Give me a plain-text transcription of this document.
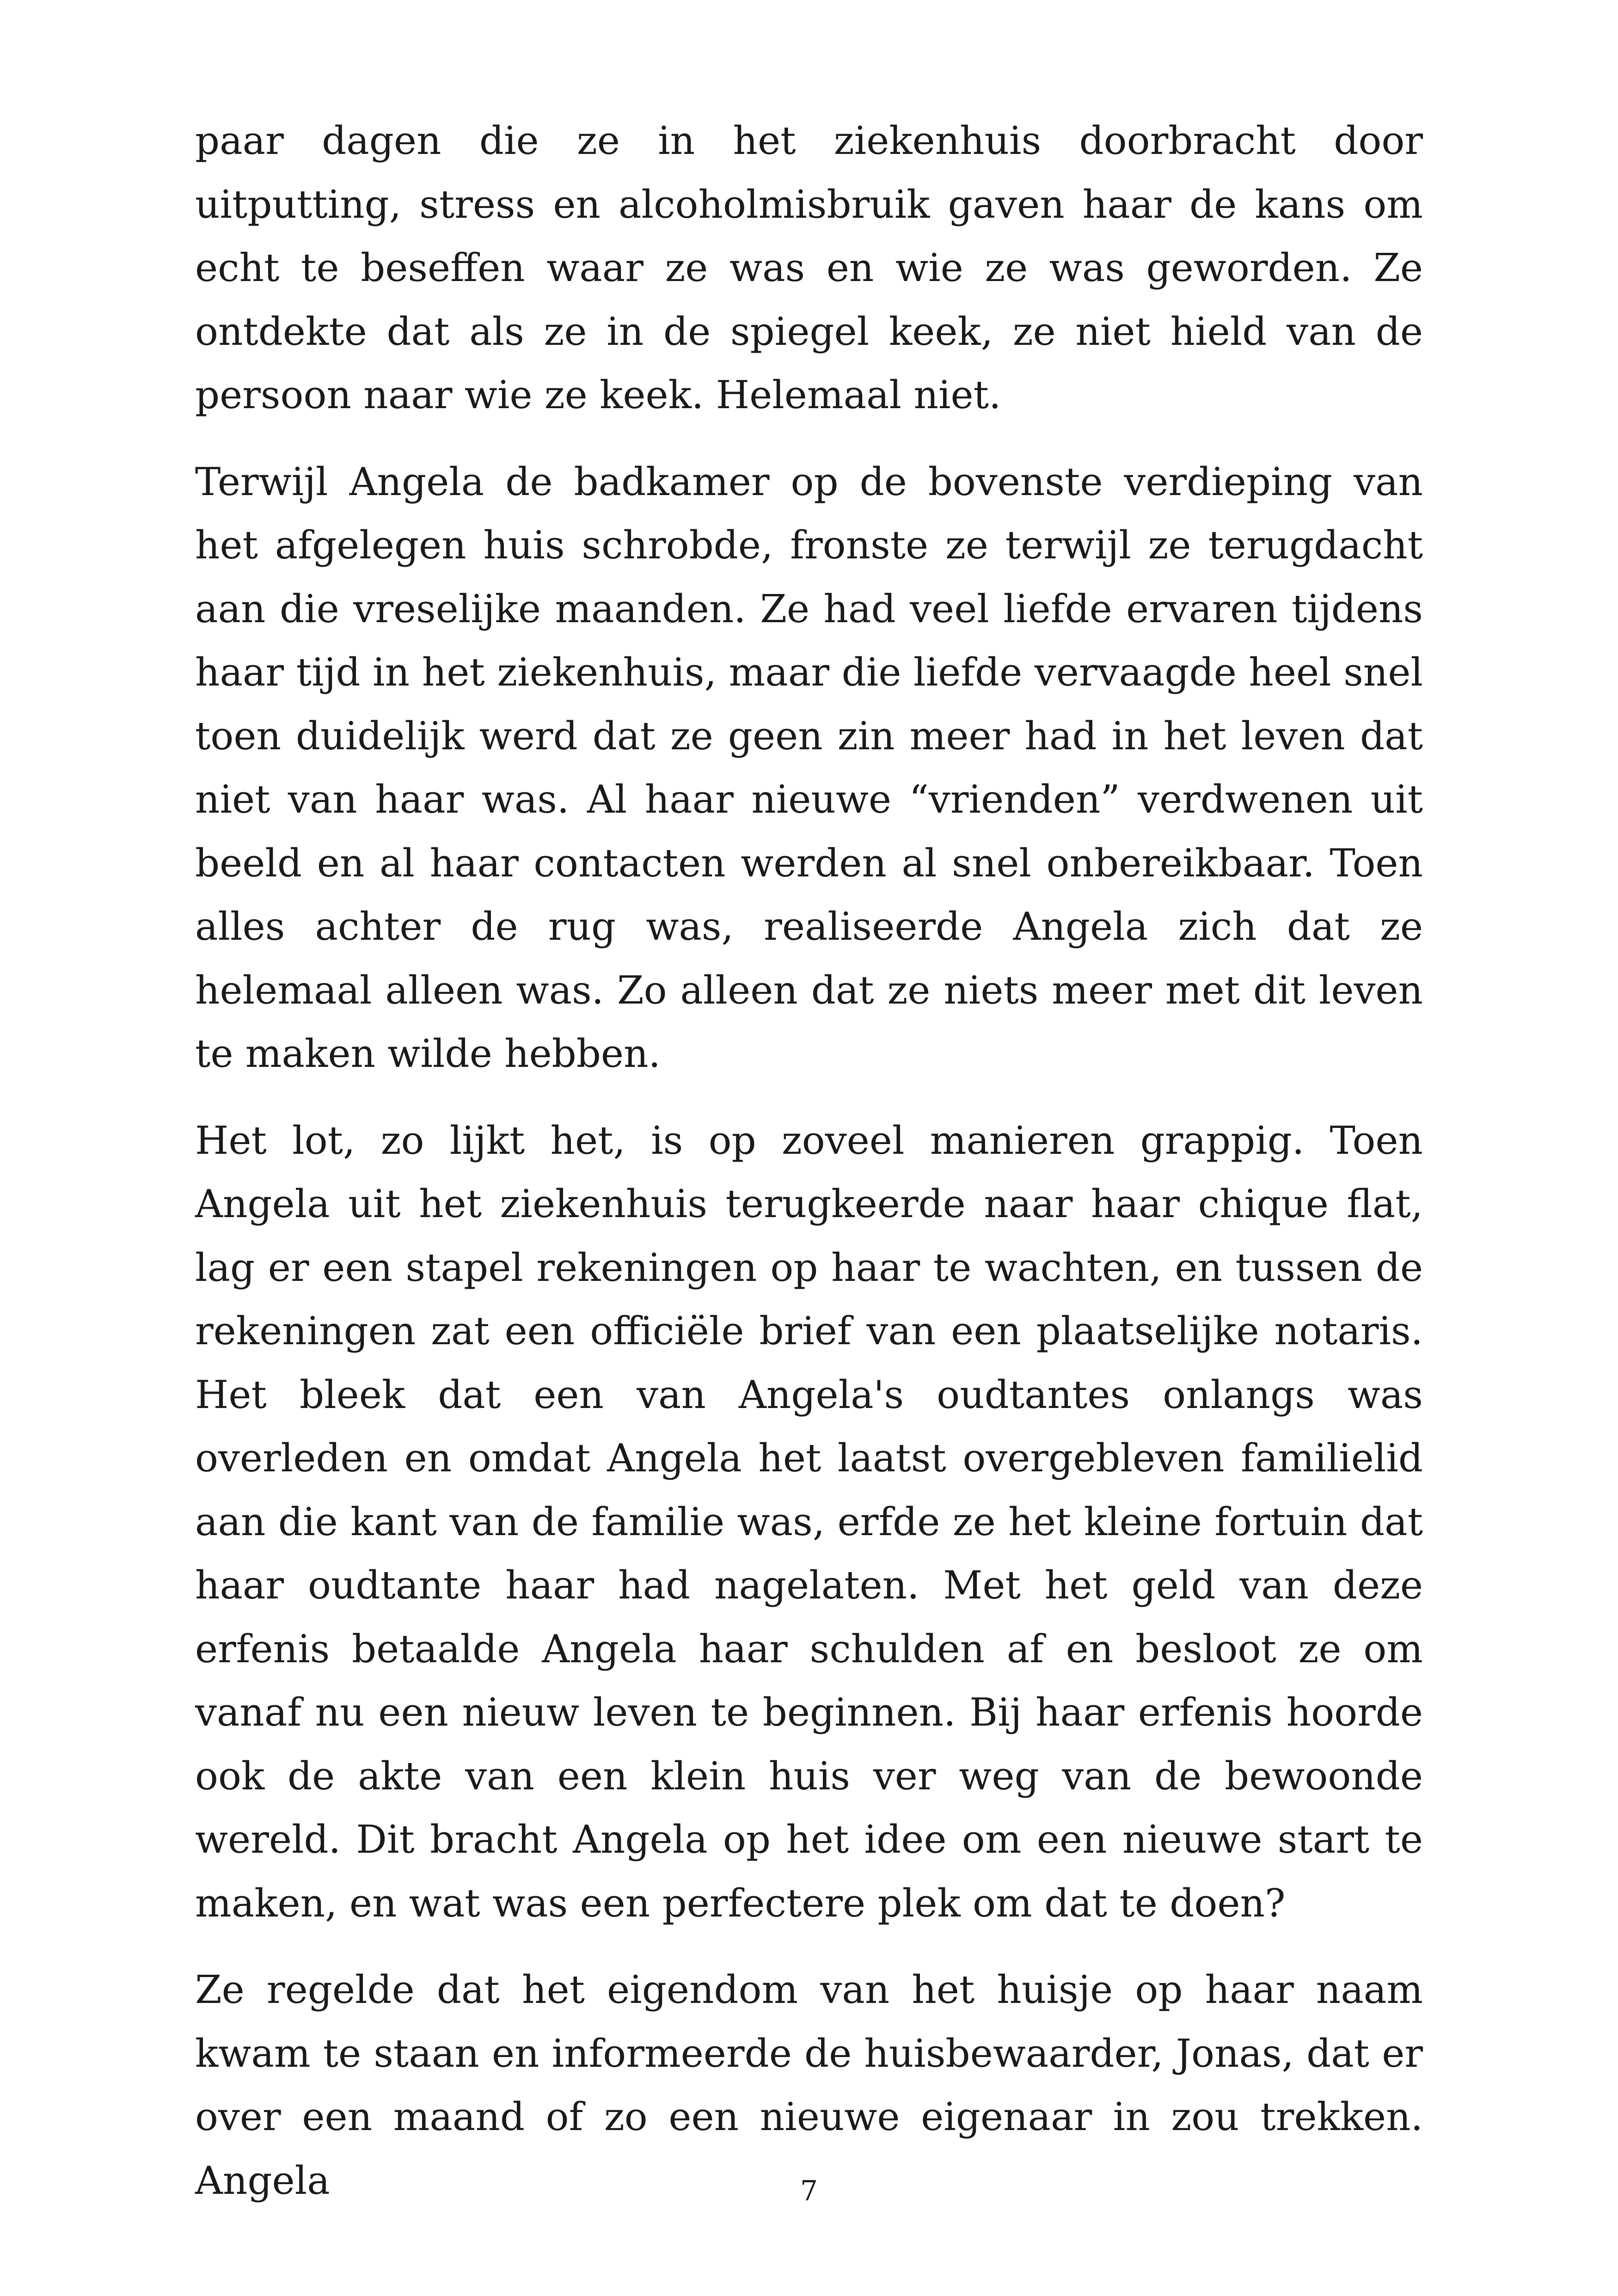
paar dagen die ze in het ziekenhuis doorbracht door uitputting, stress en alcoholmisbruik gaven haar de kans om echt te beseffen waar ze was en wie ze was geworden. Ze ontdekte dat als ze in de spiegel keek, ze niet hield van de persoon naar wie ze keek. Helemaal niet.

Terwijl Angela de badkamer op de bovenste verdieping van het afgelegen huis schrobde, fronste ze terwijl ze terugdacht aan die vreselijke maanden. Ze had veel liefde ervaren tijdens haar tijd in het ziekenhuis, maar die liefde vervaagde heel snel toen duidelijk werd dat ze geen zin meer had in het leven dat niet van haar was. Al haar nieuwe “vrienden” verdwenen uit beeld en al haar contacten werden al snel onbereikbaar. Toen alles achter de rug was, realiseerde Angela zich dat ze helemaal alleen was. Zo alleen dat ze niets meer met dit leven te maken wilde hebben.

Het lot, zo lijkt het, is op zoveel manieren grappig. Toen Angela uit het ziekenhuis terugkeerde naar haar chique flat, lag er een stapel rekeningen op haar te wachten, en tussen de rekeningen zat een officiële brief van een plaatselijke notaris. Het bleek dat een van Angela's oudtantes onlangs was overleden en omdat Angela het laatst overgebleven familielid aan die kant van de familie was, erfde ze het kleine fortuin dat haar oudtante haar had nagelaten. Met het geld van deze erfenis betaalde Angela haar schulden af en besloot ze om vanaf nu een nieuw leven te beginnen. Bij haar erfenis hoorde ook de akte van een klein huis ver weg van de bewoonde wereld. Dit bracht Angela op het idee om een nieuwe start te maken, en wat was een perfectere plek om dat te doen?

Ze regelde dat het eigendom van het huisje op haar naam kwam te staan en informeerde de huisbewaarder, Jonas, dat er over een maand of zo een nieuwe eigenaar in zou trekken. Angela	7
